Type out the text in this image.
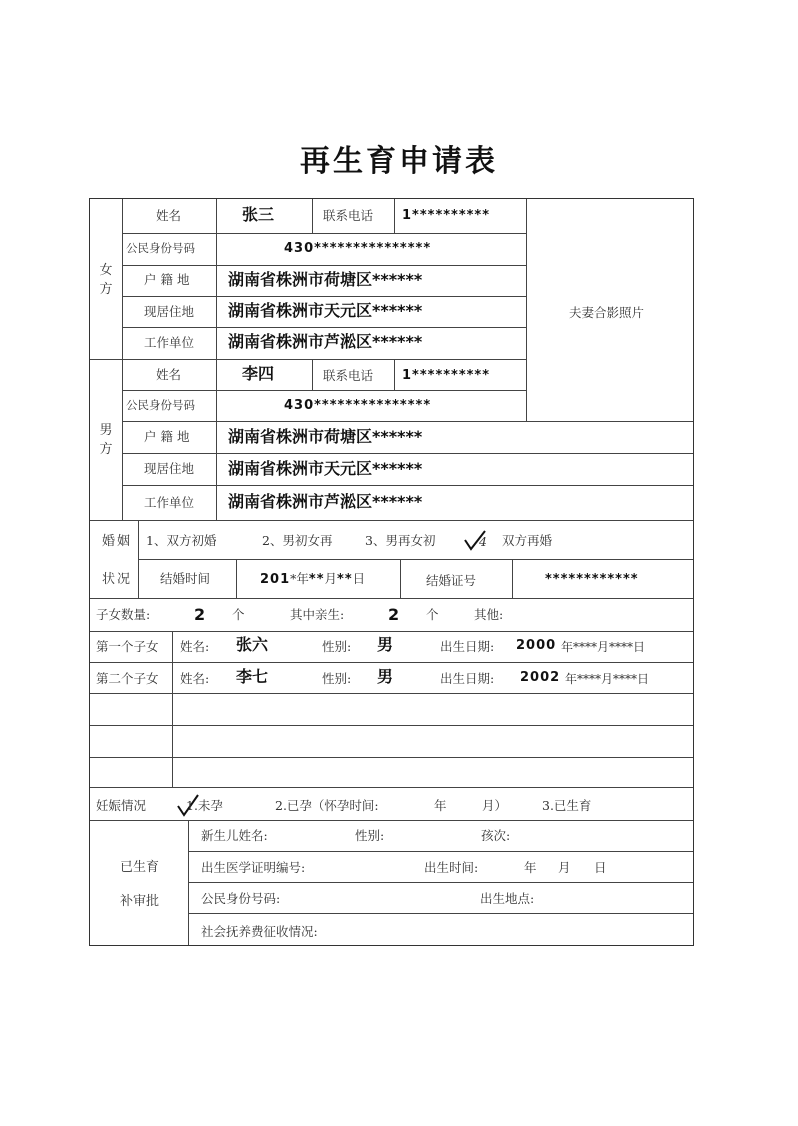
再生育申请表
女方
姓名	张三	联系电话 1**********
公民身份号码	430***************
户 籍 地 湖南省株洲市荷塘区******
现居住地 湖南省株洲市天元区******
工作单位 湖南省株洲市芦淞区******
夫妻合影照片
男方
姓名	李四	联系电话 1**********
公民身份号码	430***************
户 籍 地 湖南省株洲市荷塘区******
现居住地 湖南省株洲市天元区******
工作单位 湖南省株洲市芦淞区******
婚姻
状况
1、双方初婚	2、男初女再	3、男再女初	4 双方再婚
结婚时间	201*年**月**日	结婚证号	************
子女数量:	2 个	其中亲生:	2 个	其他:
第一个子女 姓名: 张六	性别: 男	出生日期: 2000 年****月****日
第二个子女 姓名: 李七	性别: 男	出生日期: 2002 年****月****日
妊娠情况	1.未孕	2.已孕（怀孕时间:	年	月）	3.已生育
已生育
补审批
新生儿姓名:	性别:	孩次:
出生医学证明编号:	出生时间:	年 月 日
公民身份号码:	出生地点:
社会抚养费征收情况:
